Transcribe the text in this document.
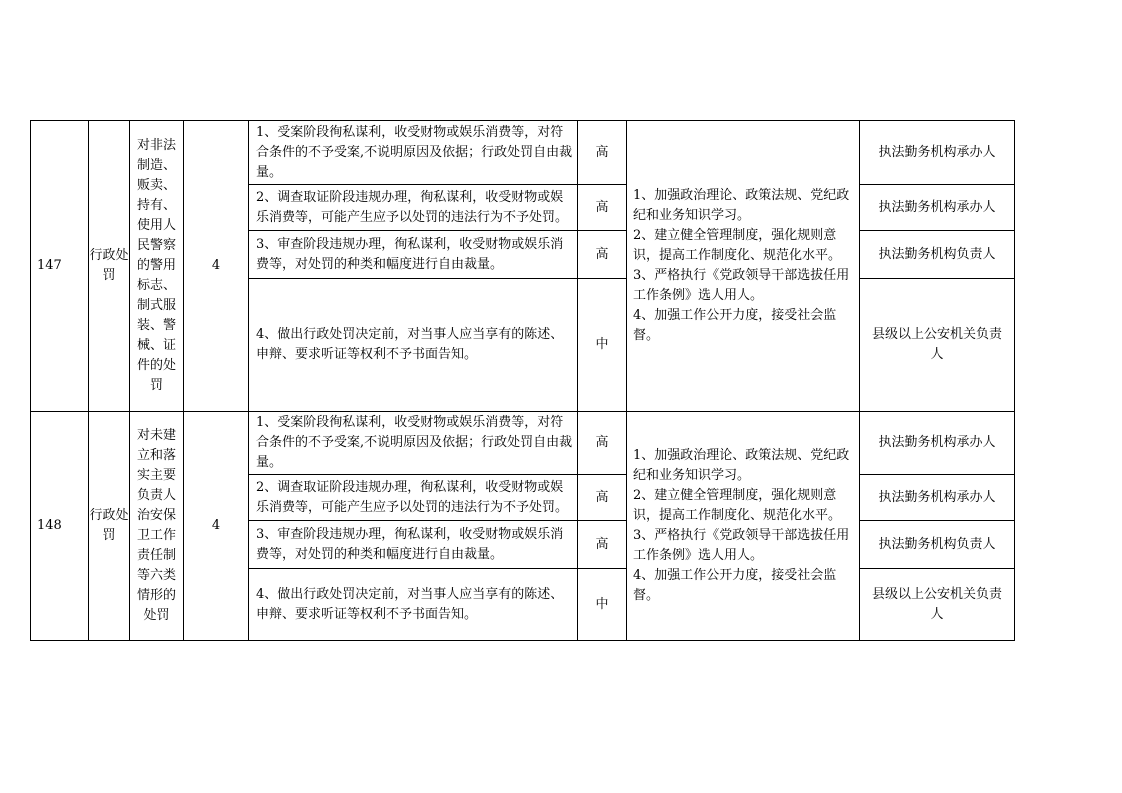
147	行政处罚	对非法制造、贩卖、持有、使用人民警察的警用标志、制式服装、警械、证件的处罚	4	1、受案阶段徇私谋利，收受财物或娱乐消费等，对符合条件的不予受案,不说明原因及依据；行政处罚自由裁量。	高	1、加强政治理论、政策法规、党纪政纪和业务知识学习。
2、建立健全管理制度，强化规则意识，提高工作制度化、规范化水平。
3、严格执行《党政领导干部选拔任用工作条例》选人用人。
4、加强工作公开力度，接受社会监督。	执法勤务机构承办人
				2、调查取证阶段违规办理，徇私谋利，收受财物或娱乐消费等，可能产生应予以处罚的违法行为不予处罚。	高		执法勤务机构承办人
				3、审查阶段违规办理，徇私谋利，收受财物或娱乐消费等，对处罚的种类和幅度进行自由裁量。	高		执法勤务机构负责人
				4、做出行政处罚决定前，对当事人应当享有的陈述、申辩、要求听证等权利不予书面告知。	中		县级以上公安机关负责人
148	行政处罚	对未建立和落实主要负责人治安保卫工作责任制等六类情形的处罚	4	1、受案阶段徇私谋利，收受财物或娱乐消费等，对符合条件的不予受案,不说明原因及依据；行政处罚自由裁量。	高	1、加强政治理论、政策法规、党纪政纪和业务知识学习。
2、建立健全管理制度，强化规则意识，提高工作制度化、规范化水平。
3、严格执行《党政领导干部选拔任用工作条例》选人用人。
4、加强工作公开力度，接受社会监督。	执法勤务机构承办人
				2、调查取证阶段违规办理，徇私谋利，收受财物或娱乐消费等，可能产生应予以处罚的违法行为不予处罚。	高		执法勤务机构承办人
				3、审查阶段违规办理，徇私谋利，收受财物或娱乐消费等，对处罚的种类和幅度进行自由裁量。	高		执法勤务机构负责人
				4、做出行政处罚决定前，对当事人应当享有的陈述、申辩、要求听证等权利不予书面告知。	中		县级以上公安机关负责人
